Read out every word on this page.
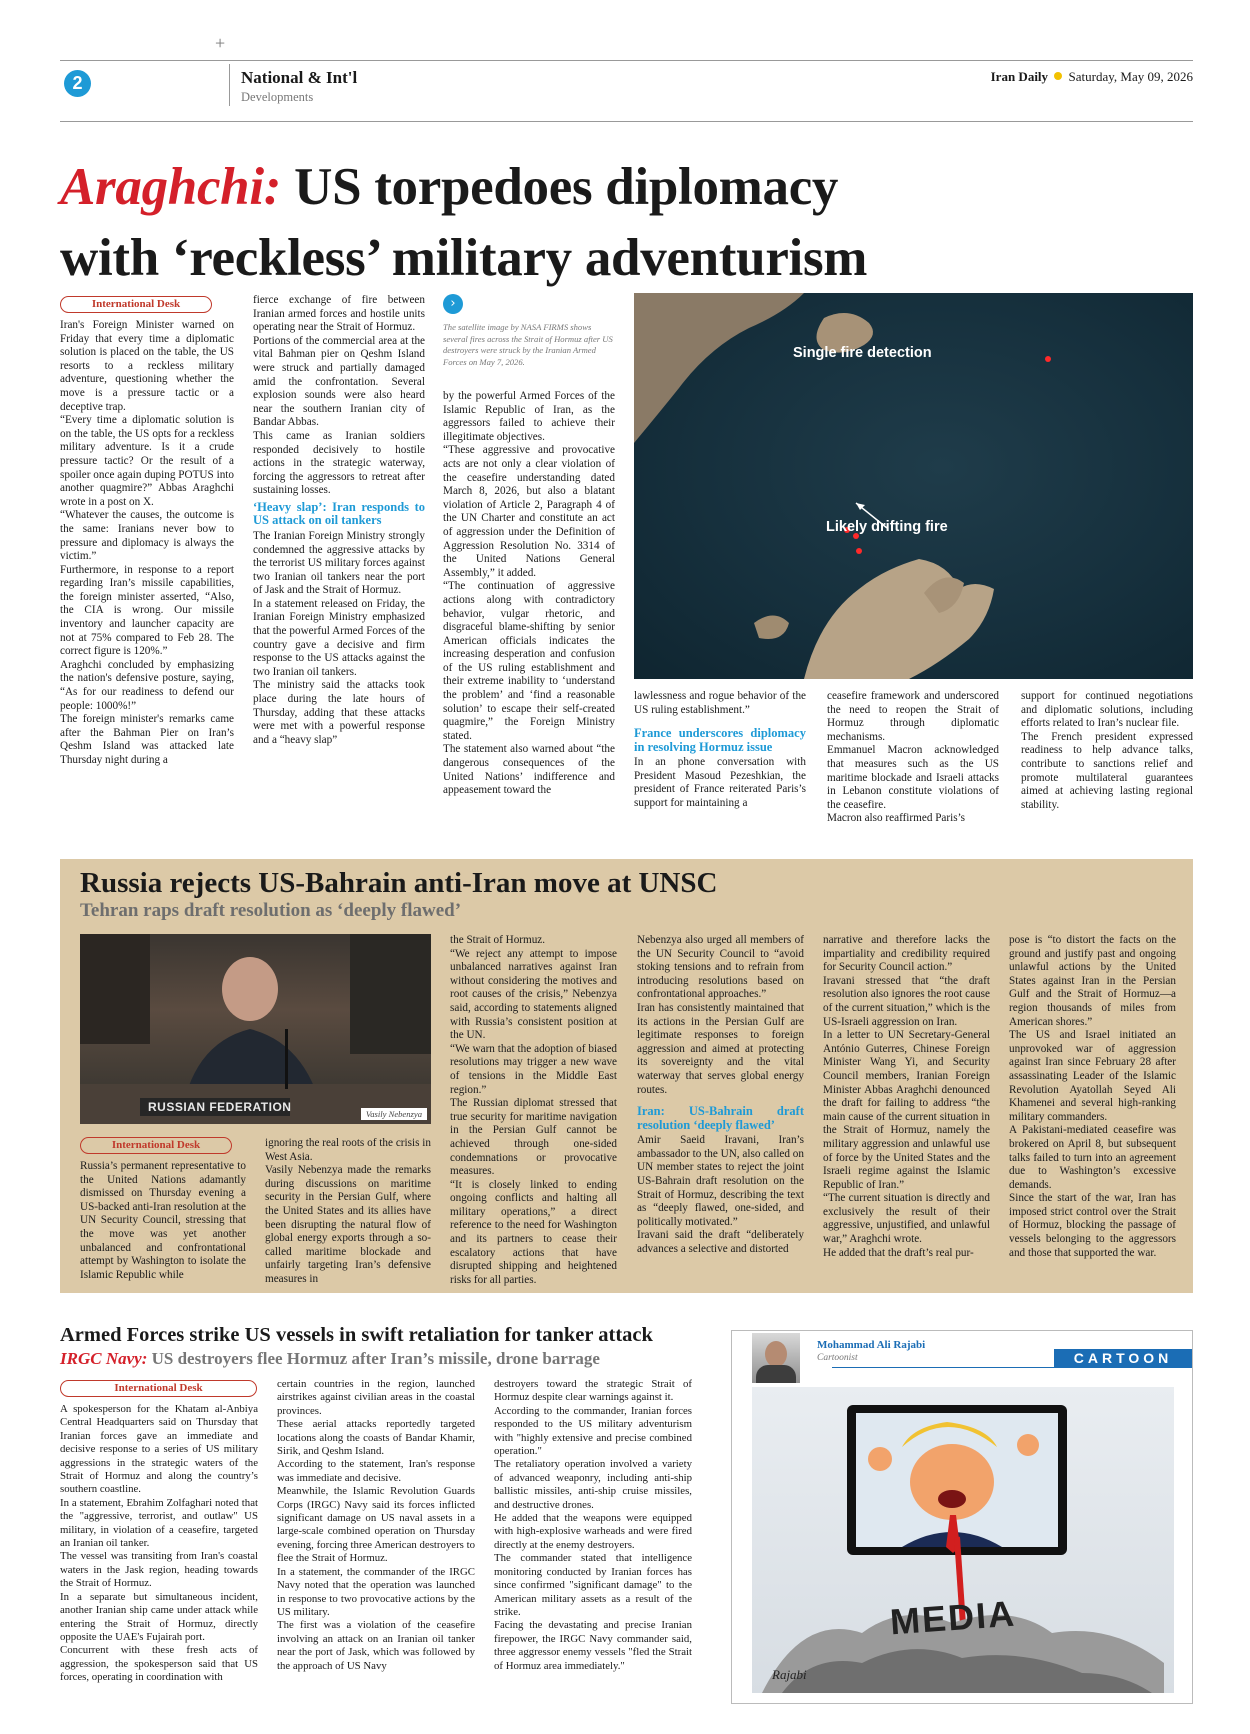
+
2	National & Int'l
Developments
Iran Daily Saturday, May 09, 2026
Araghchi: US torpedoes diplomacy
with ‘reckless’ military adventurism
International Desk

Iran's Foreign Minister warned on Friday that every time a diplomatic solution is placed on the table, the US resorts to a reckless military adventure, questioning whether the move is a pressure tactic or a deceptive trap.

“Every time a diplomatic solution is on the table, the US opts for a reckless military adventure. Is it a crude pressure tactic? Or the result of a spoiler once again duping POTUS into another quagmire?” Abbas Araghchi wrote in a post on X.

“Whatever the causes, the outcome is the same: Iranians never bow to pressure and diplomacy is always the victim.”

Furthermore, in response to a report regarding Iran’s missile capabilities, the foreign minister asserted, “Also, the CIA is wrong. Our missile inventory and launcher capacity are not at 75% compared to Feb 28. The correct figure is 120%.”

Araghchi concluded by emphasizing the nation's defensive posture, saying, “As for our readiness to defend our people: 1000%!”

The foreign minister's remarks came after the Bahman Pier on Iran’s Qeshm Island was attacked late Thursday night during a

fierce exchange of fire between Iranian armed forces and hostile units operating near the Strait of Hormuz.

Portions of the commercial area at the vital Bahman pier on Qeshm Island were struck and partially damaged amid the confrontation. Several explosion sounds were also heard near the southern Iranian city of Bandar Abbas.

This came as Iranian soldiers responded decisively to hostile actions in the strategic waterway, forcing the aggressors to retreat after sustaining losses.

‘Heavy slap’: Iran responds to US attack on oil tankers

The Iranian Foreign Ministry strongly condemned the aggressive attacks by the terrorist US military forces against two Iranian oil tankers near the port of Jask and the Strait of Hormuz.

In a statement released on Friday, the Iranian Foreign Ministry emphasized that the powerful Armed Forces of the country gave a decisive and firm response to the US attacks against the two Iranian oil tankers.

The ministry said the attacks took place during the late hours of Thursday, adding that these attacks were met with a powerful response and a “heavy slap”

›
The satellite image by NASA FIRMS shows several fires across the Strait of Hormuz after US destroyers were struck by the Iranian Armed Forces on May 7, 2026.
Single fire detection
Likely drifting fire

by the powerful Armed Forces of the Islamic Republic of Iran, as the aggressors failed to achieve their illegitimate objectives.

“These aggressive and provocative acts are not only a clear violation of the ceasefire understanding dated March 8, 2026, but also a blatant violation of Article 2, Paragraph 4 of the UN Charter and constitute an act of aggression under the Definition of Aggression Resolution No. 3314 of the United Nations General Assembly,” it added.

“The continuation of aggressive actions along with contradictory behavior, vulgar rhetoric, and disgraceful blame-shifting by senior American officials indicates the increasing desperation and confusion of the US ruling establishment and their extreme inability to ‘understand the problem’ and ‘find a reasonable solution’ to escape their self-created quagmire,” the Foreign Ministry stated.

The statement also warned about “the dangerous consequences of the United Nations’ indifference and appeasement toward the

lawlessness and rogue behavior of the US ruling establishment.”

France underscores diplomacy in resolving Hormuz issue

In an phone conversation with President Masoud Pezeshkian, the president of France reiterated Paris’s support for maintaining a

ceasefire framework and underscored the need to reopen the Strait of Hormuz through diplomatic mechanisms.

Emmanuel Macron acknowledged that measures such as the US maritime blockade and Israeli attacks in Lebanon constitute violations of the ceasefire.

Macron also reaffirmed Paris’s

support for continued negotiations and diplomatic solutions, including efforts related to Iran’s nuclear file.

The French president expressed readiness to help advance talks, contribute to sanctions relief and promote multilateral guarantees aimed at achieving lasting regional stability.

Russia rejects US-Bahrain anti-Iran move at UNSC
Tehran raps draft resolution as ‘deeply flawed’
RUSSIAN FEDERATION	Vasily Nebenzya
International Desk

Russia’s permanent representative to the United Nations adamantly dismissed on Thursday evening a US-backed anti-Iran resolution at the UN Security Council, stressing that the move was yet another unbalanced and confrontational attempt by Washington to isolate the Islamic Republic while

ignoring the real roots of the crisis in West Asia.

Vasily Nebenzya made the remarks during discussions on maritime security in the Persian Gulf, where the United States and its allies have been disrupting the natural flow of global energy exports through a so-called maritime blockade and unfairly targeting Iran’s defensive measures in

the Strait of Hormuz.

“We reject any attempt to impose unbalanced narratives against Iran without considering the motives and root causes of the crisis,” Nebenzya said, according to statements aligned with Russia’s consistent position at the UN.

“We warn that the adoption of biased resolutions may trigger a new wave of tensions in the Middle East region.”

The Russian diplomat stressed that true security for maritime navigation in the Persian Gulf cannot be achieved through one-sided condemnations or provocative measures.

“It is closely linked to ending ongoing conflicts and halting all military operations,” a direct reference to the need for Washington and its partners to cease their escalatory actions that have disrupted shipping and heightened risks for all parties.

Nebenzya also urged all members of the UN Security Council to “avoid stoking tensions and to refrain from introducing resolutions based on confrontational approaches.”

Iran has consistently maintained that its actions in the Persian Gulf are legitimate responses to foreign aggression and aimed at protecting its sovereignty and the vital waterway that serves global energy routes.

Iran: US-Bahrain draft resolution ‘deeply flawed’

Amir Saeid Iravani, Iran’s ambassador to the UN, also called on UN member states to reject the joint US-Bahrain draft resolution on the Strait of Hormuz, describing the text as “deeply flawed, one-sided, and politically motivated.”

Iravani said the draft “deliberately advances a selective and distorted

narrative and therefore lacks the impartiality and credibility required for Security Council action.”

Iravani stressed that “the draft resolution also ignores the root cause of the current situation,” which is the US-Israeli aggression on Iran.

In a letter to UN Secretary-General António Guterres, Chinese Foreign Minister Wang Yi, and Security Council members, Iranian Foreign Minister Abbas Araghchi denounced the draft for failing to address “the main cause of the current situation in the Strait of Hormuz, namely the military aggression and unlawful use of force by the United States and the Israeli regime against the Islamic Republic of Iran.”

“The current situation is directly and exclusively the result of their aggressive, unjustified, and unlawful war,” Araghchi wrote.

He added that the draft’s real pur-

pose is “to distort the facts on the ground and justify past and ongoing unlawful actions by the United States against Iran in the Persian Gulf and the Strait of Hormuz—a region thousands of miles from American shores.”

The US and Israel initiated an unprovoked war of aggression against Iran since February 28 after assassinating Leader of the Islamic Revolution Ayatollah Seyed Ali Khamenei and several high-ranking military commanders.

A Pakistani-mediated ceasefire was brokered on April 8, but subsequent talks failed to turn into an agreement due to Washington’s excessive demands.

Since the start of the war, Iran has imposed strict control over the Strait of Hormuz, blocking the passage of vessels belonging to the aggressors and those that supported the war.

Armed Forces strike US vessels in swift retaliation for tanker attack
IRGC Navy: US destroyers flee Hormuz after Iran’s missile, drone barrage
International Desk

A spokesperson for the Khatam al-Anbiya Central Headquarters said on Thursday that Iranian forces gave an immediate and decisive response to a series of US military aggressions in the strategic waters of the Strait of Hormuz and along the country’s southern coastline.

In a statement, Ebrahim Zolfaghari noted that the "aggressive, terrorist, and outlaw" US military, in violation of a ceasefire, targeted an Iranian oil tanker.

The vessel was transiting from Iran's coastal waters in the Jask region, heading towards the Strait of Hormuz.

In a separate but simultaneous incident, another Iranian ship came under attack while entering the Strait of Hormuz, directly opposite the UAE's Fujairah port.

Concurrent with these fresh acts of aggression, the spokesperson said that US forces, operating in coordination with

certain countries in the region, launched airstrikes against civilian areas in the coastal provinces.

These aerial attacks reportedly targeted locations along the coasts of Bandar Khamir, Sirik, and Qeshm Island.

According to the statement, Iran's response was immediate and decisive.

Meanwhile, the Islamic Revolution Guards Corps (IRGC) Navy said its forces inflicted significant damage on US naval assets in a large-scale combined operation on Thursday evening, forcing three American destroyers to flee the Strait of Hormuz.

In a statement, the commander of the IRGC Navy noted that the operation was launched in response to two provocative actions by the US military.

The first was a violation of the ceasefire involving an attack on an Iranian oil tanker near the port of Jask, which was followed by the approach of US Navy

destroyers toward the strategic Strait of Hormuz despite clear warnings against it.

According to the commander, Iranian forces responded to the US military adventurism with "highly extensive and precise combined operation."

The retaliatory operation involved a variety of advanced weaponry, including anti-ship ballistic missiles, anti-ship cruise missiles, and destructive drones.

He added that the weapons were equipped with high-explosive warheads and were fired directly at the enemy destroyers.

The commander stated that intelligence monitoring conducted by Iranian forces has since confirmed "significant damage" to the American military assets as a result of the strike.

Facing the devastating and precise Iranian firepower, the IRGC Navy commander said, three aggressor enemy vessels "fled the Strait of Hormuz area immediately."

Mohammad Ali Rajabi
Cartoonist	CARTOON
MEDIA
Rajabi
